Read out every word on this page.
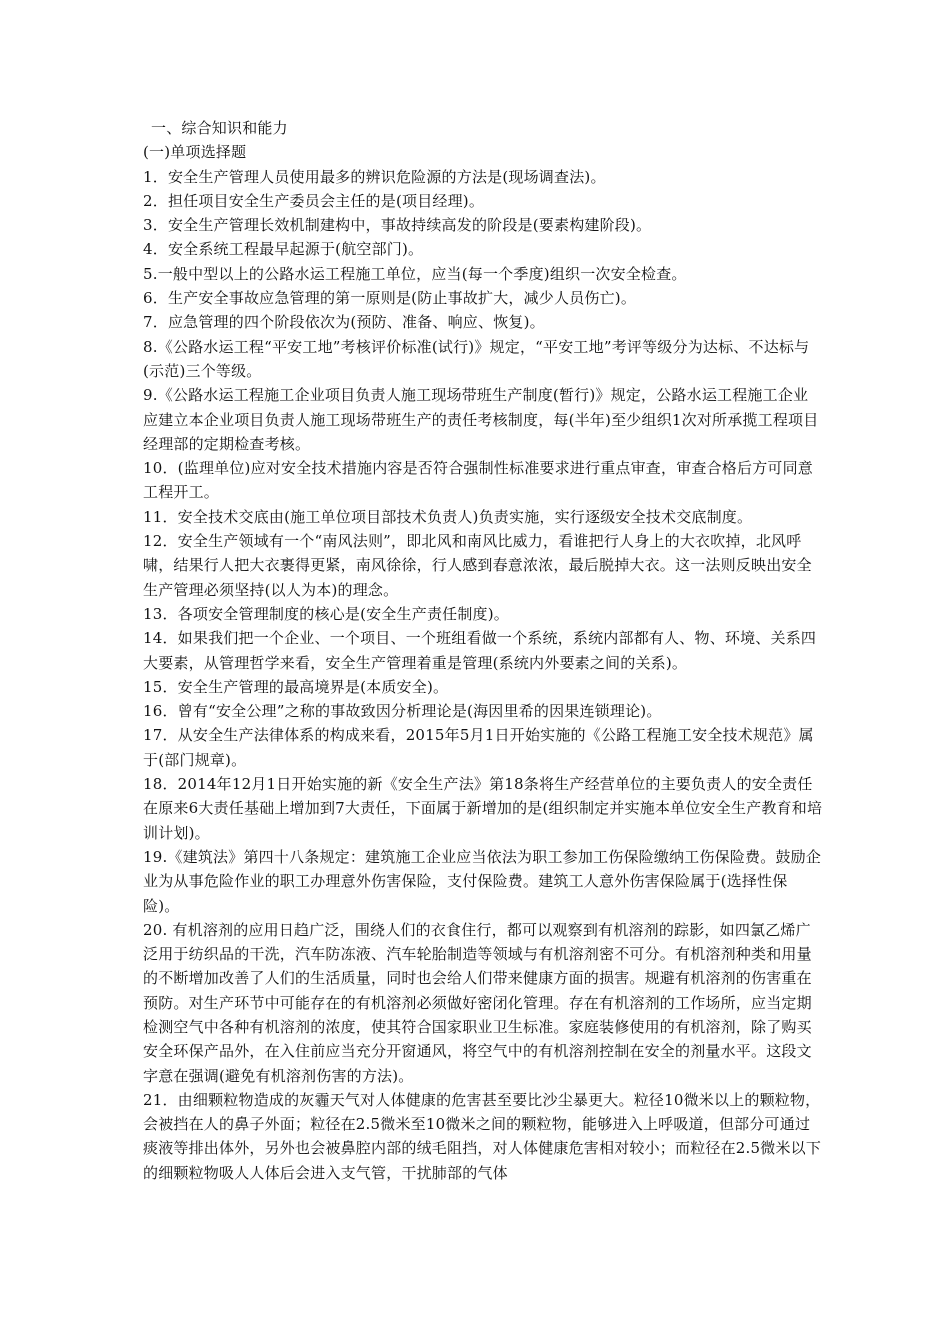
一、综合知识和能力
(一)单项选择题
1．安全生产管理人员使用最多的辨识危险源的方法是(现场调查法)。
2．担任项目安全生产委员会主任的是(项目经理)。
3．安全生产管理长效机制建构中，事故持续高发的阶段是(要素构建阶段)。
4．安全系统工程最早起源于(航空部门)。
5.一般中型以上的公路水运工程施工单位，应当(每一个季度)组织一次安全检查。
6．生产安全事故应急管理的第一原则是(防止事故扩大，减少人员伤亡)。
7．应急管理的四个阶段依次为(预防、准备、响应、恢复)。
8.《公路水运工程“平安工地”考核评价标准(试行)》规定，“平安工地”考评等级分为达标、不达标与(示范)三个等级。
9.《公路水运工程施工企业项目负责人施工现场带班生产制度(暂行)》规定，公路水运工程施工企业应建立本企业项目负责人施工现场带班生产的责任考核制度，每(半年)至少组织1次对所承揽工程项目经理部的定期检查考核。
10．(监理单位)应对安全技术措施内容是否符合强制性标准要求进行重点审查，审查合格后方可同意工程开工。
11．安全技术交底由(施工单位项目部技术负责人)负责实施，实行逐级安全技术交底制度。
12．安全生产领域有一个“南风法则”，即北风和南风比威力，看谁把行人身上的大衣吹掉，北风呼啸，结果行人把大衣裹得更紧，南风徐徐，行人感到春意浓浓，最后脱掉大衣。这一法则反映出安全生产管理必须坚持(以人为本)的理念。
13．各项安全管理制度的核心是(安全生产责任制度)。
14．如果我们把一个企业、一个项目、一个班组看做一个系统，系统内部都有人、物、环境、关系四大要素，从管理哲学来看，安全生产管理着重是管理(系统内外要素之间的关系)。
15．安全生产管理的最高境界是(本质安全)。
16．曾有“安全公理”之称的事故致因分析理论是(海因里希的因果连锁理论)。
17．从安全生产法律体系的构成来看，2015年5月1日开始实施的《公路工程施工安全技术规范》属于(部门规章)。
18．2014年12月1日开始实施的新《安全生产法》第18条将生产经营单位的主要负责人的安全责任在原来6大责任基础上增加到7大责任，下面属于新增加的是(组织制定并实施本单位安全生产教育和培训计划)。
19.《建筑法》第四十八条规定：建筑施工企业应当依法为职工参加工伤保险缴纳工伤保险费。鼓励企业为从事危险作业的职工办理意外伤害保险，支付保险费。建筑工人意外伤害保险属于(选择性保险)。
20. 有机溶剂的应用日趋广泛，围绕人们的衣食住行，都可以观察到有机溶剂的踪影，如四氯乙烯广泛用于纺织品的干洗，汽车防冻液、汽车轮胎制造等领域与有机溶剂密不可分。有机溶剂种类和用量的不断增加改善了人们的生活质量，同时也会给人们带来健康方面的损害。规避有机溶剂的伤害重在预防。对生产环节中可能存在的有机溶剂必须做好密闭化管理。存在有机溶剂的工作场所，应当定期检测空气中各种有机溶剂的浓度，使其符合国家职业卫生标准。家庭装修使用的有机溶剂，除了购买安全环保产品外，在入住前应当充分开窗通风，将空气中的有机溶剂控制在安全的剂量水平。这段文字意在强调(避免有机溶剂伤害的方法)。
21．由细颗粒物造成的灰霾天气对人体健康的危害甚至要比沙尘暴更大。粒径10微米以上的颗粒物，会被挡在人的鼻子外面；粒径在2.5微米至10微米之间的颗粒物，能够进入上呼吸道，但部分可通过痰液等排出体外，另外也会被鼻腔内部的绒毛阻挡，对人体健康危害相对较小；而粒径在2.5微米以下的细颗粒物吸人人体后会进入支气管，干扰肺部的气体
